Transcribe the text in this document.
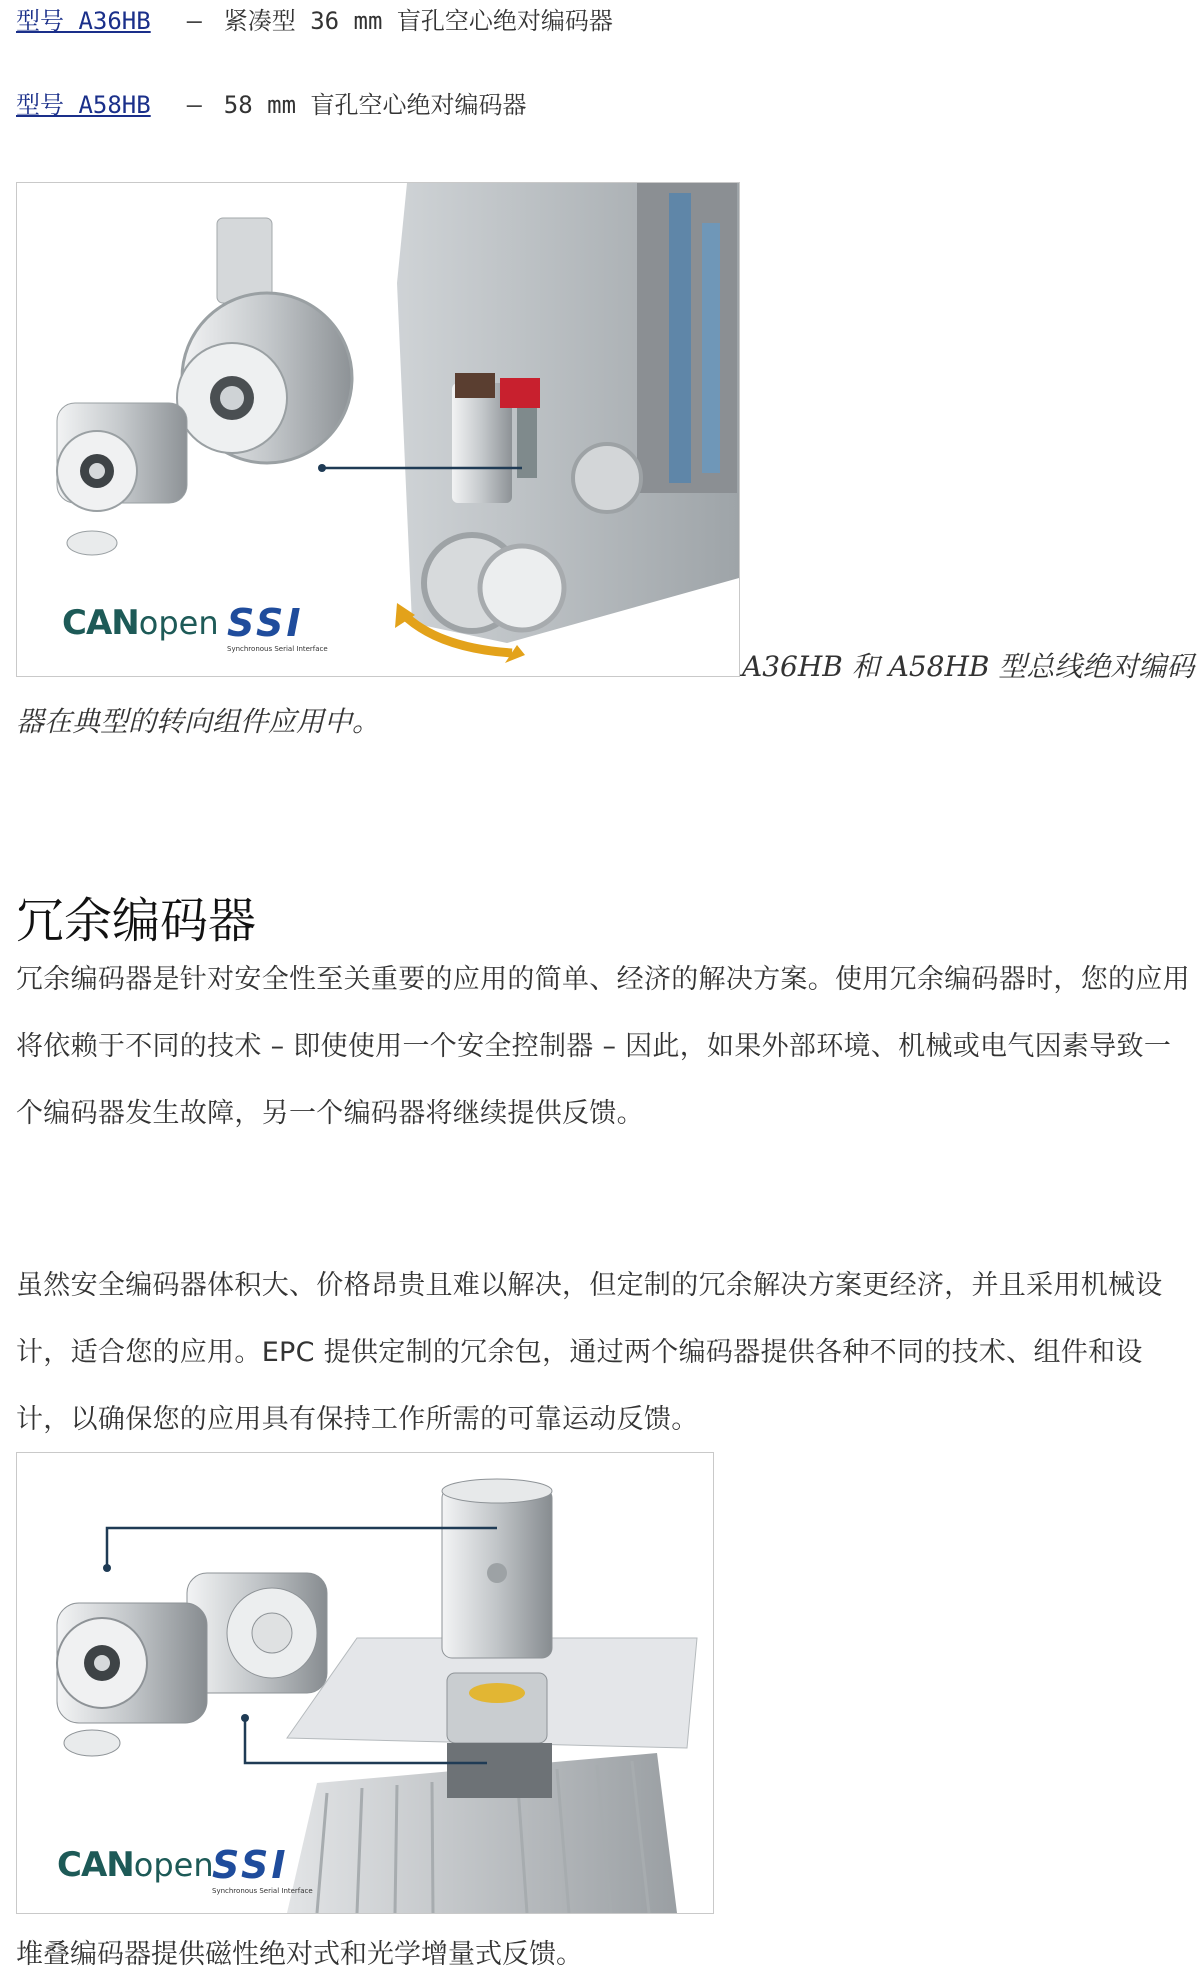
型号 A36HB – 紧凑型 36 mm 盲孔空心绝对编码器
型号 A58HB – 58 mm 盲孔空心绝对编码器
CANopen SSI
Synchronous Serial Interface
A36HB 和 A58HB 型总线绝对编码
器在典型的转向组件应用中。
冗余编码器
冗余编码器是针对安全性至关重要的应用的简单、经济的解决方案。使用冗余编码器时，您的应用将依赖于不同的技术 – 即使使用一个安全控制器 – 因此，如果外部环境、机械或电气因素导致一个编码器发生故障，另一个编码器将继续提供反馈。
虽然安全编码器体积大、价格昂贵且难以解决，但定制的冗余解决方案更经济，并且采用机械设计，适合您的应用。EPC 提供定制的冗余包，通过两个编码器提供各种不同的技术、组件和设计，以确保您的应用具有保持工作所需的可靠运动反馈。
CANopen
SSI
Synchronous Serial Interface
堆叠编码器提供磁性绝对式和光学增量式反馈。
